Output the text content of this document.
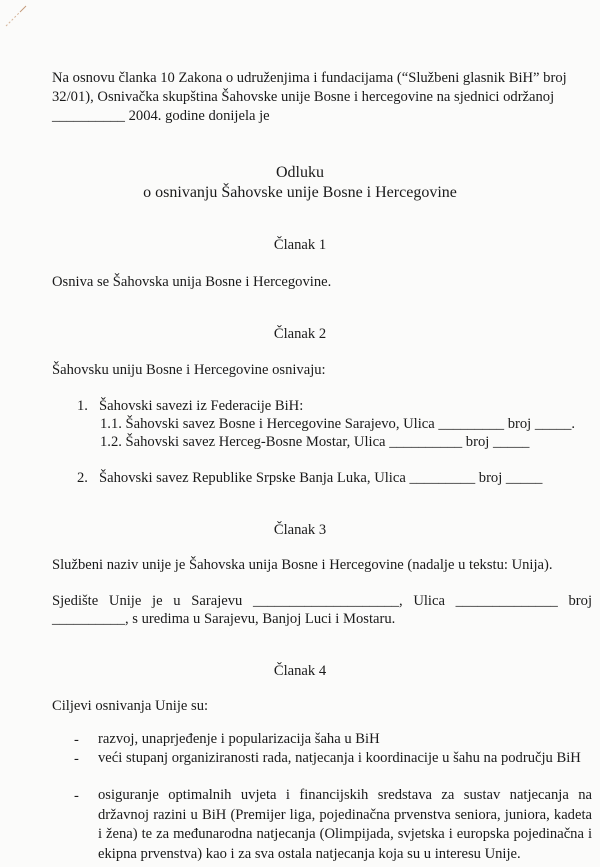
Na osnovu članka 10 Zakona o udruženjima i fundacijama (“Službeni glasnik BiH” broj

32/01), Osnivačka skupština Šahovske unije Bosne i hercegovine na sjednici održanoj

__________ 2004. godine donijela je

Odluku

o osnivanju Šahovske unije Bosne i Hercegovine

Članak 1

Osniva se Šahovska unija Bosne i Hercegovine.

Članak 2

Šahovsku uniju Bosne i Hercegovine osnivaju:

1. Šahovski savezi iz Federacije BiH:
1.1. Šahovski savez Bosne i Hercegovine Sarajevo, Ulica _________ broj _____.
1.2. Šahovski savez Herceg-Bosne Mostar, Ulica __________ broj _____
2. Šahovski savez Republike Srpske Banja Luka, Ulica _________ broj _____

Članak 3

Službeni naziv unije je Šahovska unija Bosne i Hercegovine (nadalje u tekstu: Unija).

Sjedište Unije je u Sarajevu ____________________, Ulica ______________ broj

__________, s uredima u Sarajevu, Banjoj Luci i Mostaru.

Članak 4

Ciljevi osnivanja Unije su:

- razvoj, unaprjeđenje i popularizacija šaha u BiH

- veći stupanj organiziranosti rada, natjecanja i koordinacije u šahu na području BiH

- osiguranje optimalnih uvjeta i financijskih sredstava za sustav natjecanja na državnoj razini u BiH (Premijer liga, pojedinačna prvenstva seniora, juniora, kadeta i žena) te za međunarodna natjecanja (Olimpijada, svjetska i europska pojedinačna i ekipna prvenstva) kao i za sva ostala natjecanja koja su u interesu Unije.
